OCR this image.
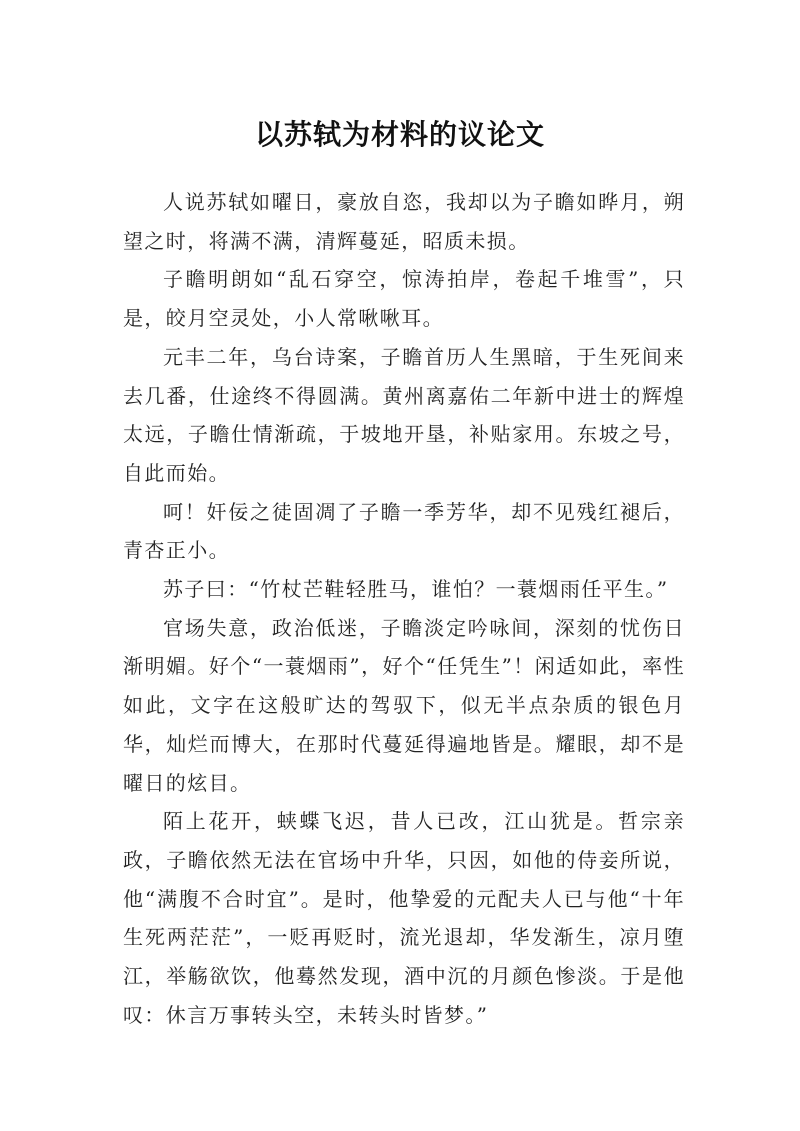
以苏轼为材料的议论文

人说苏轼如曜日，豪放自恣，我却以为子瞻如晔月，朔望之时，将满不满，清辉蔓延，昭质未损。

子瞻明朗如“乱石穿空，惊涛拍岸，卷起千堆雪”，只是，皎月空灵处，小人常啾啾耳。

元丰二年，乌台诗案，子瞻首历人生黑暗，于生死间来去几番，仕途终不得圆满。黄州离嘉佑二年新中进士的辉煌太远，子瞻仕情渐疏，于坡地开垦，补贴家用。东坡之号，自此而始。

呵！奸佞之徒固凋了子瞻一季芳华，却不见残红褪后，青杏正小。

苏子曰：“竹杖芒鞋轻胜马，谁怕？一蓑烟雨任平生。”

官场失意，政治低迷，子瞻淡定吟咏间，深刻的忧伤日渐明媚。好个“一蓑烟雨”，好个“任凭生”！闲适如此，率性如此，文字在这般旷达的驾驭下，似无半点杂质的银色月华，灿烂而博大，在那时代蔓延得遍地皆是。耀眼，却不是曜日的炫目。

陌上花开，蛱蝶飞迟，昔人已改，江山犹是。哲宗亲政，子瞻依然无法在官场中升华，只因，如他的侍妾所说，他“满腹不合时宜”。是时，他挚爱的元配夫人已与他“十年生死两茫茫”，一贬再贬时，流光退却，华发渐生，凉月堕江，举觞欲饮，他蓦然发现，酒中沉的月颜色惨淡。于是他叹：休言万事转头空，未转头时皆梦。”
